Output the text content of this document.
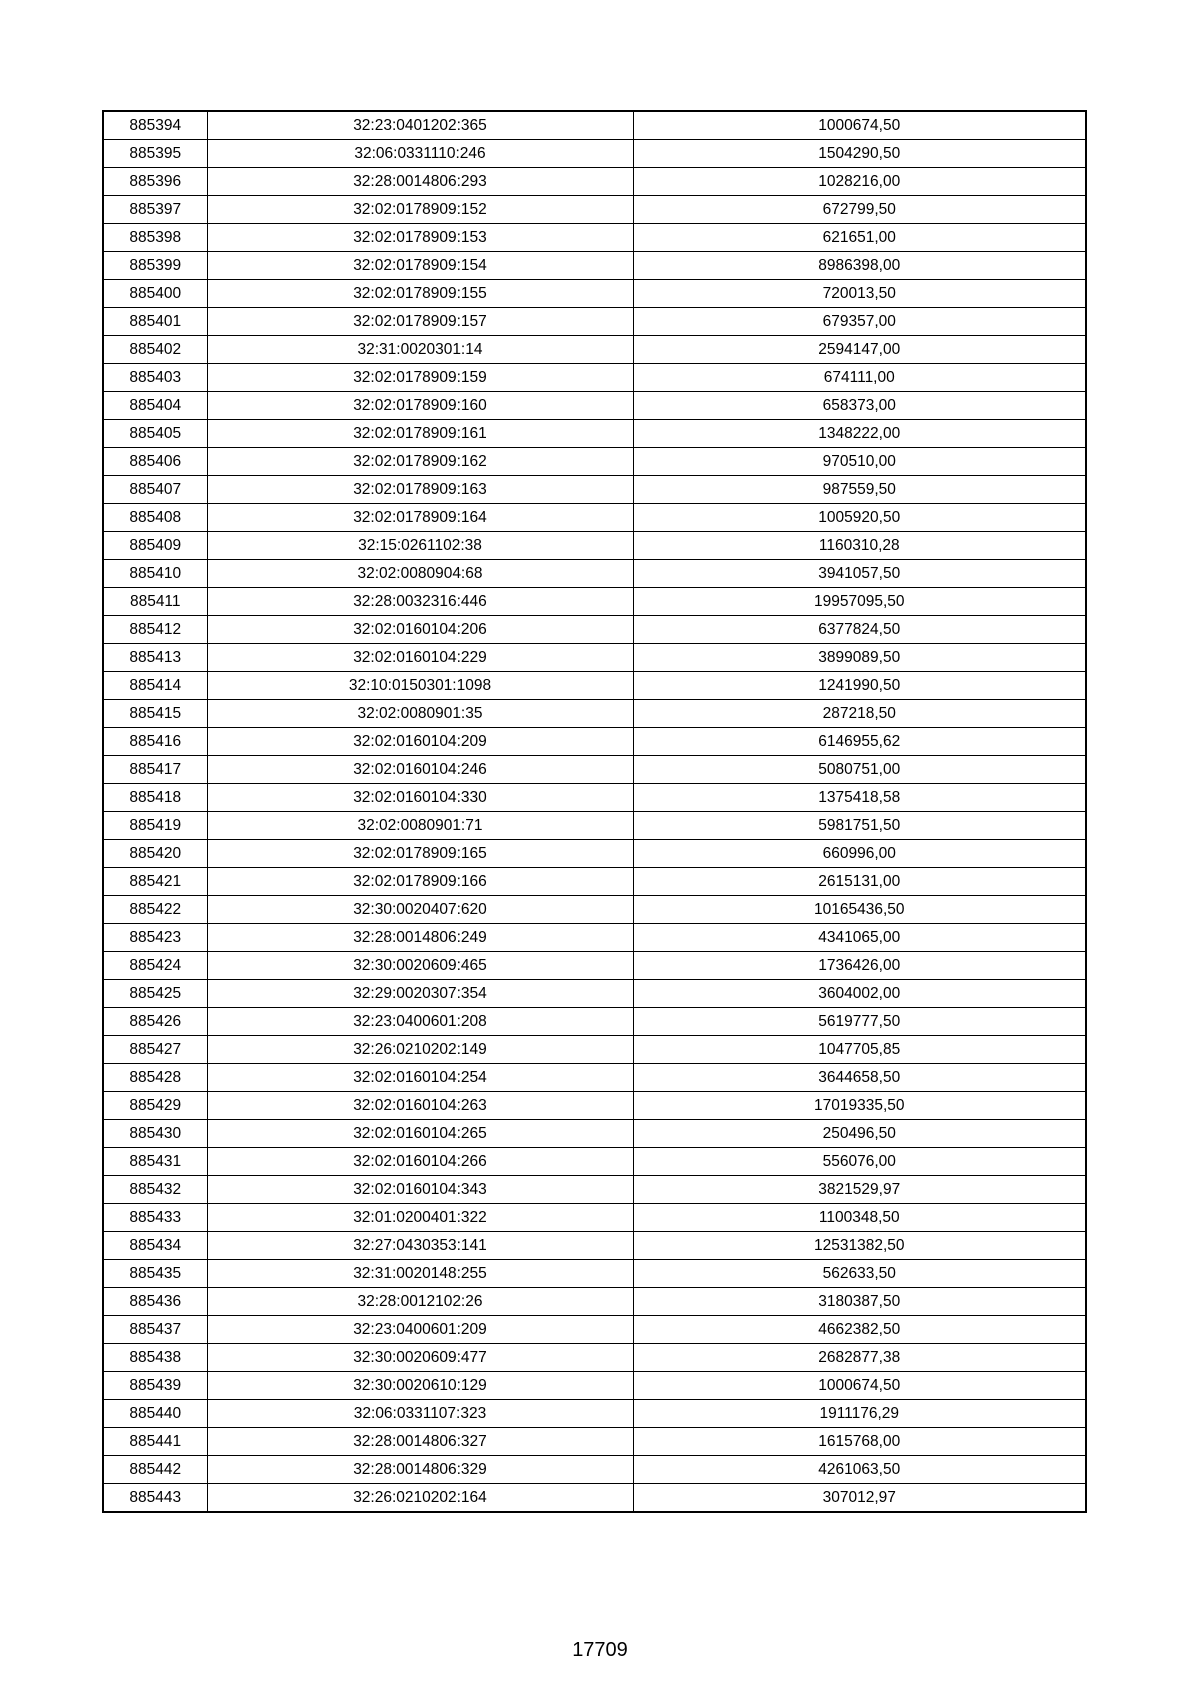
885394	32:23:0401202:365	1000674,50
885395	32:06:0331110:246	1504290,50
885396	32:28:0014806:293	1028216,00
885397	32:02:0178909:152	672799,50
885398	32:02:0178909:153	621651,00
885399	32:02:0178909:154	8986398,00
885400	32:02:0178909:155	720013,50
885401	32:02:0178909:157	679357,00
885402	32:31:0020301:14	2594147,00
885403	32:02:0178909:159	674111,00
885404	32:02:0178909:160	658373,00
885405	32:02:0178909:161	1348222,00
885406	32:02:0178909:162	970510,00
885407	32:02:0178909:163	987559,50
885408	32:02:0178909:164	1005920,50
885409	32:15:0261102:38	1160310,28
885410	32:02:0080904:68	3941057,50
885411	32:28:0032316:446	19957095,50
885412	32:02:0160104:206	6377824,50
885413	32:02:0160104:229	3899089,50
885414	32:10:0150301:1098	1241990,50
885415	32:02:0080901:35	287218,50
885416	32:02:0160104:209	6146955,62
885417	32:02:0160104:246	5080751,00
885418	32:02:0160104:330	1375418,58
885419	32:02:0080901:71	5981751,50
885420	32:02:0178909:165	660996,00
885421	32:02:0178909:166	2615131,00
885422	32:30:0020407:620	10165436,50
885423	32:28:0014806:249	4341065,00
885424	32:30:0020609:465	1736426,00
885425	32:29:0020307:354	3604002,00
885426	32:23:0400601:208	5619777,50
885427	32:26:0210202:149	1047705,85
885428	32:02:0160104:254	3644658,50
885429	32:02:0160104:263	17019335,50
885430	32:02:0160104:265	250496,50
885431	32:02:0160104:266	556076,00
885432	32:02:0160104:343	3821529,97
885433	32:01:0200401:322	1100348,50
885434	32:27:0430353:141	12531382,50
885435	32:31:0020148:255	562633,50
885436	32:28:0012102:26	3180387,50
885437	32:23:0400601:209	4662382,50
885438	32:30:0020609:477	2682877,38
885439	32:30:0020610:129	1000674,50
885440	32:06:0331107:323	1911176,29
885441	32:28:0014806:327	1615768,00
885442	32:28:0014806:329	4261063,50
885443	32:26:0210202:164	307012,97
17709
